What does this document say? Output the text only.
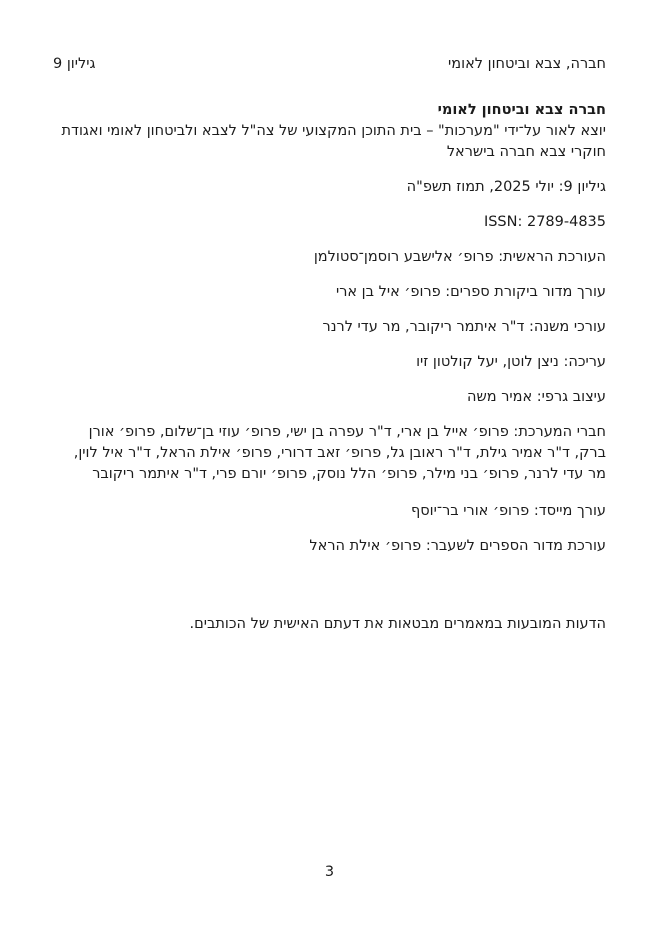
חברה, צבא וביטחון לאומי
גיליון 9

חברה צבא וביטחון לאומי

יוצא לאור על־ידי "מערכות" – בית התוכן המקצועי של צה"ל לצבא ולביטחון לאומי ואגודת חוקרי צבא חברה בישראל

גיליון 9: יולי 2025, תמוז תשפ"ה

ISSN: 2789-4835

העורכת הראשית: פרופ׳ אלישבע רוסמן־סטולמן

עורך מדור ביקורת ספרים: פרופ׳ איל בן ארי

עורכי משנה: ד"ר איתמר ריקובר, מר עדי לרנר

עריכה: ניצן לוטן, יעל קולטון זיו

עיצוב גרפי: אמיר משה

חברי המערכת: פרופ׳ אייל בן ארי, ד"ר עפרה בן ישי, פרופ׳ עוזי בן־שלום, פרופ׳ אורן ברק, ד"ר אמיר גילת, ד"ר ראובן גל, פרופ׳ זאב דרורי, פרופ׳ אילת הראל, ד"ר איל לוין, מר עדי לרנר, פרופ׳ בני מילר, פרופ׳ הלל נוסק, פרופ׳ יורם פרי, ד"ר איתמר ריקובר

עורך מייסד: פרופ׳ אורי בר־יוסף

עורכת מדור הספרים לשעבר: פרופ׳ אילת הראל

הדעות המובעות במאמרים מבטאות את דעתם האישית של הכותבים.

3
